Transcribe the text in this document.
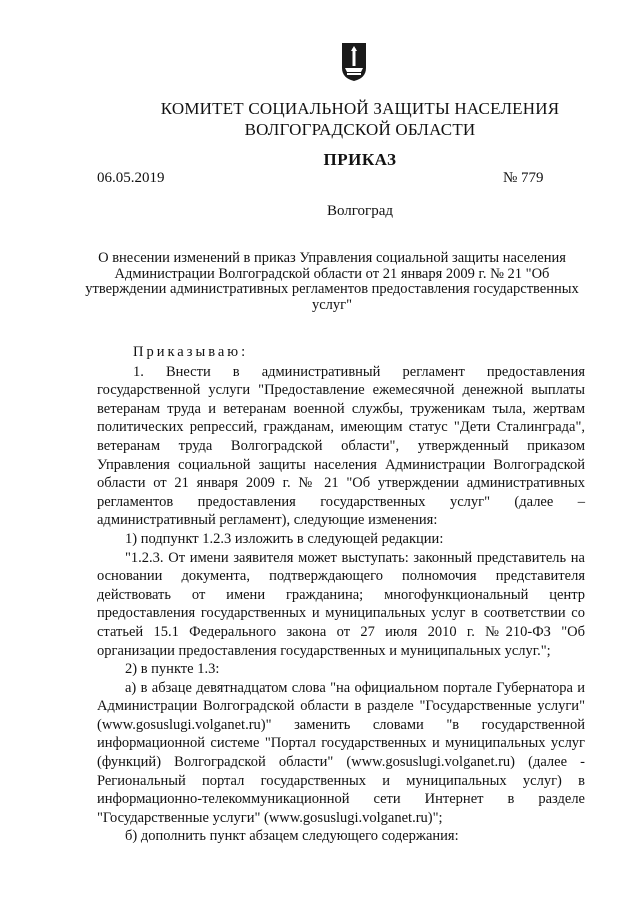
КОМИТЕТ СОЦИАЛЬНОЙ ЗАЩИТЫ НАСЕЛЕНИЯ
ВОЛГОГРАДСКОЙ ОБЛАСТИ
ПРИКАЗ
06.05.2019	№ 779
Волгоград
О внесении изменений в приказ Управления социальной защиты населения Администрации Волгоградской области от 21 января 2009 г. № 21 "Об утверждении административных регламентов предоставления государственных услуг"

Приказываю:

1. Внести в административный регламент предоставления государственной услуги "Предоставление ежемесячной денежной выплаты ветеранам труда и ветеранам военной службы, труженикам тыла, жертвам политических репрессий, гражданам, имеющим статус "Дети Сталинграда", ветеранам труда Волгоградской области", утвержденный приказом Управления социальной защиты населения Администрации Волгоградской области от 21 января 2009 г. № 21 "Об утверждении административных регламентов предоставления государственных услуг" (далее – административный регламент), следующие изменения:

1) подпункт 1.2.3 изложить в следующей редакции:

"1.2.3. От имени заявителя может выступать: законный представитель на основании документа, подтверждающего полномочия представителя действовать от имени гражданина; многофункциональный центр предоставления государственных и муниципальных услуг в соответствии со статьей 15.1 Федерального закона от 27 июля 2010 г. №210-ФЗ "Об организации предоставления государственных и муниципальных услуг.";

2) в пункте 1.3:

а) в абзаце девятнадцатом слова "на официальном портале Губернатора и Администрации Волгоградской области в разделе "Государственные услуги" (www.gosuslugi.volganet.ru)" заменить словами "в государственной информационной системе "Портал государственных и муниципальных услуг (функций) Волгоградской области" (www.gosuslugi.volganet.ru) (далее - Региональный портал государственных и муниципальных услуг) в информационно-телекоммуникационной сети Интернет в разделе "Государственные услуги" (www.gosuslugi.volganet.ru)";

б) дополнить пункт абзацем следующего содержания:
